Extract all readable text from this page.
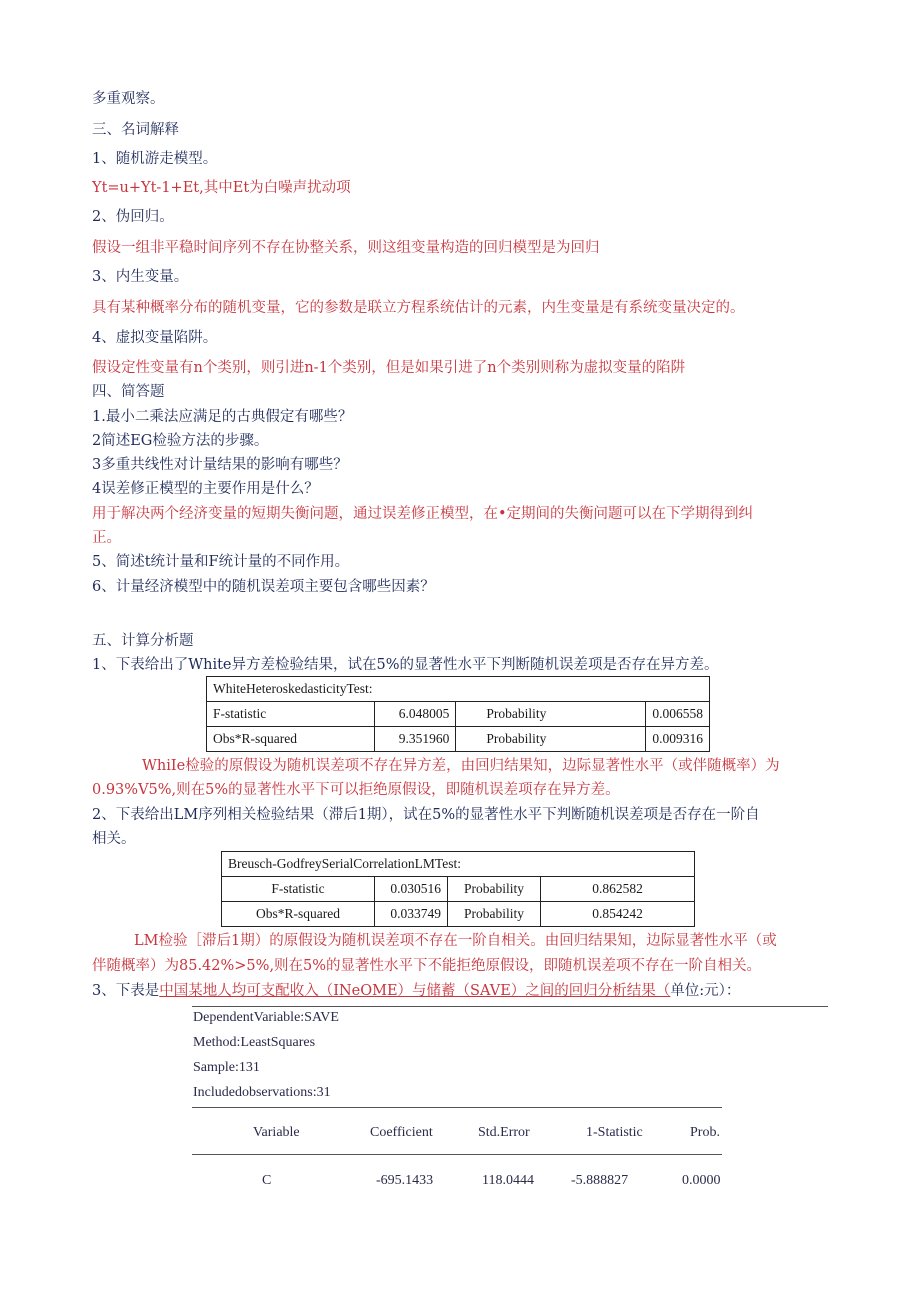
多重观察。
三、名词解释
1、随机游走模型。
Yt=u+Yt-1+Et,其中Et为白噪声扰动项
2、伪回归。
假设一组非平稳时间序列不存在协整关系，则这组变量构造的回归模型是为回归
3、内生变量。
具有某种概率分布的随机变量，它的参数是联立方程系统估计的元素，内生变量是有系统变量决定的。
4、虚拟变量陷阱。
假设定性变量有n个类别，则引进n-1个类别，但是如果引进了n个类别则称为虚拟变量的陷阱
四、简答题
1.最小二乘法应满足的古典假定有哪些？
2简述EG检验方法的步骤。
3多重共线性对计量结果的影响有哪些？
4误差修正模型的主要作用是什么？
用于解决两个经济变量的短期失衡问题，通过误差修正模型，在•定期间的失衡问题可以在下学期得到纠
正。
5、简述t统计量和F统计量的不同作用。
6、计量经济模型中的随机误差项主要包含哪些因素？
五、计算分析题
1、下表给出了White异方差检验结果，试在5%的显著性水平下判断随机误差项是否存在异方差。
WhiteHeteroskedasticityTest:			
F-statistic	6.048005	Probability	0.006558
Obs*R-squared	9.351960	Probability	0.009316
WhiIe检验的原假设为随机误差项不存在异方差，由回归结果知，边际显著性水平（或伴随概率）为
0.93%V5%,则在5%的显著性水平下可以拒绝原假设，即随机误差项存在异方差。
2、下表给出LM序列相关检验结果（滞后1期），试在5%的显著性水平下判断随机误差项是否存在一阶自
相关。
Breusch-GodfreySerialCorrelationLMTest:			
F-statistic	0.030516	Probability	0.862582
Obs*R-squared	0.033749	Probability	0.854242
LM检验［滞后1期）的原假设为随机误差项不存在一阶自相关。由回归结果知，边际显著性水平（或
伴随概率）为85.42%>5%,则在5%的显著性水平下不能拒绝原假设，即随机误差项不存在一阶自相关。
3、下表是中国某地人均可支配收入（INeOME）与储蓄（SAVE）之间的回归分析结果（单位:元）：
DependentVariable:SAVE
Method:LeastSquares
Sample:131
Includedobservations:31
Variable	Coefficient	Std.Error	1-Statistic	Prob.
C	-695.1433	118.0444	-5.888827	0.0000
